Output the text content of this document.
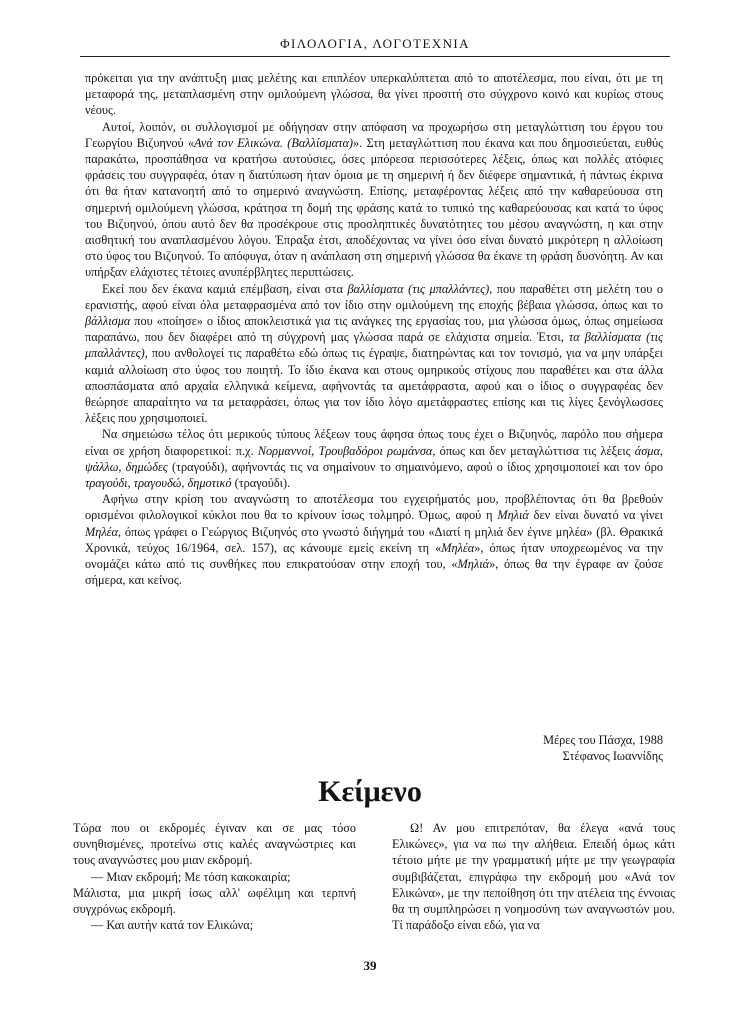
ΦΙΛΟΛΟΓΙΑ, ΛΟΓΟΤΕΧΝΙΑ

πρόκειται για την ανάπτυξη μιας μελέτης και επιπλέον υπερκαλύπτεται από το αποτέλεσμα, που είναι, ότι με τη μεταφορά της, μεταπλασμένη στην ομιλούμενη γλώσσα, θα γίνει προσιτή στο σύγχρονο κοινό και κυρίως στους νέους.

Αυτοί, λοιπόν, οι συλλογισμοί με οδήγησαν στην απόφαση να προχωρήσω στη μεταγλώττιση του έργου του Γεωργίου Βιζυηνού «Ανά τον Ελικώνα. (Βαλλίσματα)». Στη μεταγλώττιση που έκανα και που δημοσιεύεται, ευθύς παρακάτω, προσπάθησα να κρατήσω αυτούσιες, όσες μπόρεσα περισσότερες λέξεις, όπως και πολλές ατόφιες φράσεις του συγγραφέα, όταν η διατύπωση ήταν όμοια με τη σημερινή ή δεν διέφερε σημαντικά, ή πάντως έκρινα ότι θα ήταν κατανοητή από το σημερινό αναγνώστη. Επίσης, μεταφέροντας λέξεις από την καθαρεύουσα στη σημερινή ομιλούμενη γλώσσα, κράτησα τη δομή της φράσης κατά το τυπικό της καθαρεύουσας και κατά το ύφος του Βιζυηνού, όπου αυτό δεν θα προσέκρουε στις προσληπτικές δυνατότητες του μέσου αναγνώστη, η και στην αισθητική του αναπλασμένου λόγου. Έπραξα έτσι, αποδέχοντας να γίνει όσο είναι δυνατό μικρότερη η αλλοίωση στο ύφος του Βιζυηνού. Το απόφυγα, όταν η ανάπλαση στη σημερινή γλώσσα θα έκανε τη φράση δυσνόητη. Αν και υπήρξαν ελάχιστες τέτοιες ανυπέρβλητες περιπτώσεις.

Εκεί που δεν έκανα καμιά επέμβαση, είναι στα βαλλίσματα (τις μπαλλάντες), που παραθέτει στη μελέτη του ο ερανιστής, αφού είναι όλα μεταφρασμένα από τον ίδιο στην ομιλούμενη της εποχής βέβαια γλώσσα, όπως και το βάλλισμα που «ποίησε» ο ίδιος αποκλειστικά για τις ανάγκες της εργασίας του, μια γλώσσα όμως, όπως σημείωσα παραπάνω, που δεν διαφέρει από τη σύγχρονή μας γλώσσα παρά σε ελάχιστα σημεία. Έτσι, τα βαλλίσματα (τις μπαλλάντες), που ανθολογεί τις παραθέτω εδώ όπως τις έγραψε, διατηρώντας και τον τονισμό, για να μην υπάρξει καμιά αλλοίωση στο ύφος του ποιητή. Το ίδιο έκανα και στους ομηρικούς στίχους που παραθέτει και στα άλλα αποσπάσματα από αρχαία ελληνικά κείμενα, αφήνοντάς τα αμετάφραστα, αφού και ο ίδιος ο συγγραφέας δεν θεώρησε απαραίτητο να τα μεταφράσει, όπως για τον ίδιο λόγο αμετάφραστες επίσης και τις λίγες ξενόγλωσσες λέξεις που χρησιμοποιεί.

Να σημειώσω τέλος ότι μερικούς τύπους λέξεων τους άφησα όπως τους έχει ο Βιζυηνός, παρόλο που σήμερα είναι σε χρήση διαφορετικοί: π.χ. Νορμαννοί, Τρουβαδόροι ρωμάνσα, όπως και δεν μεταγλώττισα τις λέξεις άσμα, ψάλλω, δημώδες (τραγούδι), αφήνοντάς τις να σημαίνουν το σημαινόμενο, αφού ο ίδιος χρησιμοποιεί και τον όρο τραγούδι, τραγουδώ, δημοτικό (τραγούδι).

Αφήνω στην κρίση του αναγνώστη το αποτέλεσμα του εγχειρήματός μου, προβλέποντας ότι θα βρεθούν ορισμένοι φιλολογικοί κύκλοι που θα το κρίνουν ίσως τολμηρό. Όμως, αφού η Μηλιά δεν είναι δυνατό να γίνει Μηλέα, όπως γράφει ο Γεώργιος Βιζυηνός στο γνωστό διήγημά του «Διατί η μηλιά δεν έγινε μηλέα» (βλ. Θρακικά Χρονικά, τεύχος 16/1964, σελ. 157), ας κάνουμε εμείς εκείνη τη «Μηλέα», όπως ήταν υποχρεωμένος να την ονομάζει κάτω από τις συνθήκες που επικρατούσαν στην εποχή του, «Μηλιά», όπως θα την έγραφε αν ζούσε σήμερα, και κείνος.

Μέρες του Πάσχα, 1988
Στέφανος Ιωαννίδης
Κείμενο

Τώρα που οι εκδρομές έγιναν και σε μας τόσο συνηθισμένες, προτείνω στις καλές αναγνώστριες και τους αναγνώστες μου μιαν εκδρομή.

— Μιαν εκδρομή; Με τόση κακοκαιρία;

Μάλιστα, μια μικρή ίσως αλλ' ωφέλιμη και τερπνή συγχρόνως εκδρομή.

— Και αυτήν κατά τον Ελικώνα;

Ω! Αν μου επιτρεπόταν, θα έλεγα «ανά τους Ελικώνες», για να πω την αλήθεια. Επειδή όμως κάτι τέτοιο μήτε με την γραμματική μήτε με την γεωγραφία συμβιβάζεται, επιγράφω την εκδρομή μου «Ανά τον Ελικώνα», με την πεποίθηση ότι την ατέλεια της έννοιας θα τη συμπληρώσει η νοημοσύνη των αναγνωστών μου. Τί παράδοξο είναι εδώ, για να

39
